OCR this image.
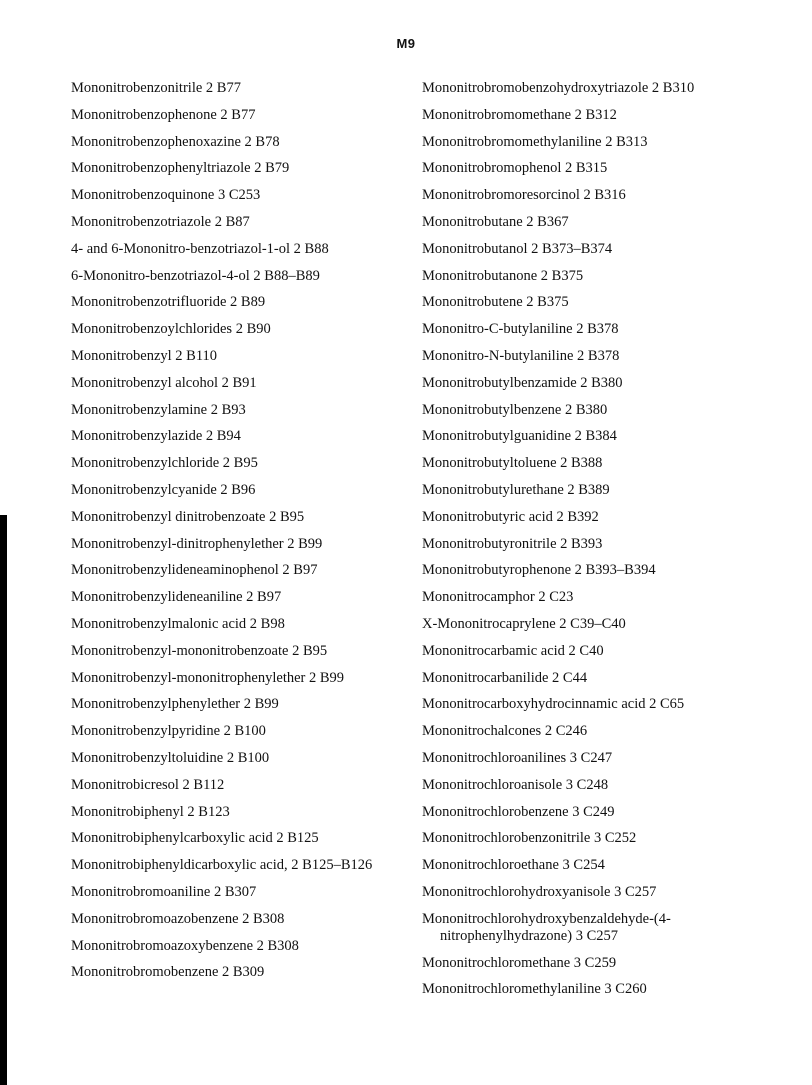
M9
Mononitrobenzonitrile 2 B77
Mononitrobenzophenone 2 B77
Mononitrobenzophenoxazine 2 B78
Mononitrobenzophenyltriazole 2 B79
Mononitrobenzoquinone 3 C253
Mononitrobenzotriazole 2 B87
4- and 6-Mononitro-benzotriazol-1-ol 2 B88
6-Mononitro-benzotriazol-4-ol 2 B88–B89
Mononitrobenzotrifluoride 2 B89
Mononitrobenzoylchlorides 2 B90
Mononitrobenzyl 2 B110
Mononitrobenzyl alcohol 2 B91
Mononitrobenzylamine 2 B93
Mononitrobenzylazide 2 B94
Mononitrobenzylchloride 2 B95
Mononitrobenzylcyanide 2 B96
Mononitrobenzyl dinitrobenzoate 2 B95
Mononitrobenzyl-dinitrophenylether 2 B99
Mononitrobenzylideneaminophenol 2 B97
Mononitrobenzylideneaniline 2 B97
Mononitrobenzylmalonic acid 2 B98
Mononitrobenzyl-mononitrobenzoate 2 B95
Mononitrobenzyl-mononitrophenylether 2 B99
Mononitrobenzylphenylether 2 B99
Mononitrobenzylpyridine 2 B100
Mononitrobenzyltoluidine 2 B100
Mononitrobicresol 2 B112
Mononitrobiphenyl 2 B123
Mononitrobiphenylcarboxylic acid 2 B125
Mononitrobiphenyldicarboxylic acid, 2 B125–B126
Mononitrobromoaniline 2 B307
Mononitrobromoazobenzene 2 B308
Mononitrobromoazoxybenzene 2 B308
Mononitrobromobenzene 2 B309
Mononitrobromobenzohydroxytriazole 2 B310
Mononitrobromomethane 2 B312
Mononitrobromomethylaniline 2 B313
Mononitrobromophenol 2 B315
Mononitrobromoresorcinol 2 B316
Mononitrobutane 2 B367
Mononitrobutanol 2 B373–B374
Mononitrobutanone 2 B375
Mononitrobutene 2 B375
Mononitro-C-butylaniline 2 B378
Mononitro-N-butylaniline 2 B378
Mononitrobutylbenzamide 2 B380
Mononitrobutylbenzene 2 B380
Mononitrobutylguanidine 2 B384
Mononitrobutyltoluene 2 B388
Mononitrobutylurethane 2 B389
Mononitrobutyric acid 2 B392
Mononitrobutyronitrile 2 B393
Mononitrobutyrophenone 2 B393–B394
Mononitrocamphor 2 C23
X-Mononitrocaprylene 2 C39–C40
Mononitrocarbamic acid 2 C40
Mononitrocarbanilide 2 C44
Mononitrocarboxyhydrocinnamic acid 2 C65
Mononitrochalcones 2 C246
Mononitrochloroanilines 3 C247
Mononitrochloroanisole 3 C248
Mononitrochlorobenzene 3 C249
Mononitrochlorobenzonitrile 3 C252
Mononitrochloroethane 3 C254
Mononitrochlorohydroxyanisole 3 C257
Mononitrochlorohydroxybenzaldehyde-(4-nitrophenylhydrazone) 3 C257
Mononitrochloromethane 3 C259
Mononitrochloromethylaniline 3 C260
